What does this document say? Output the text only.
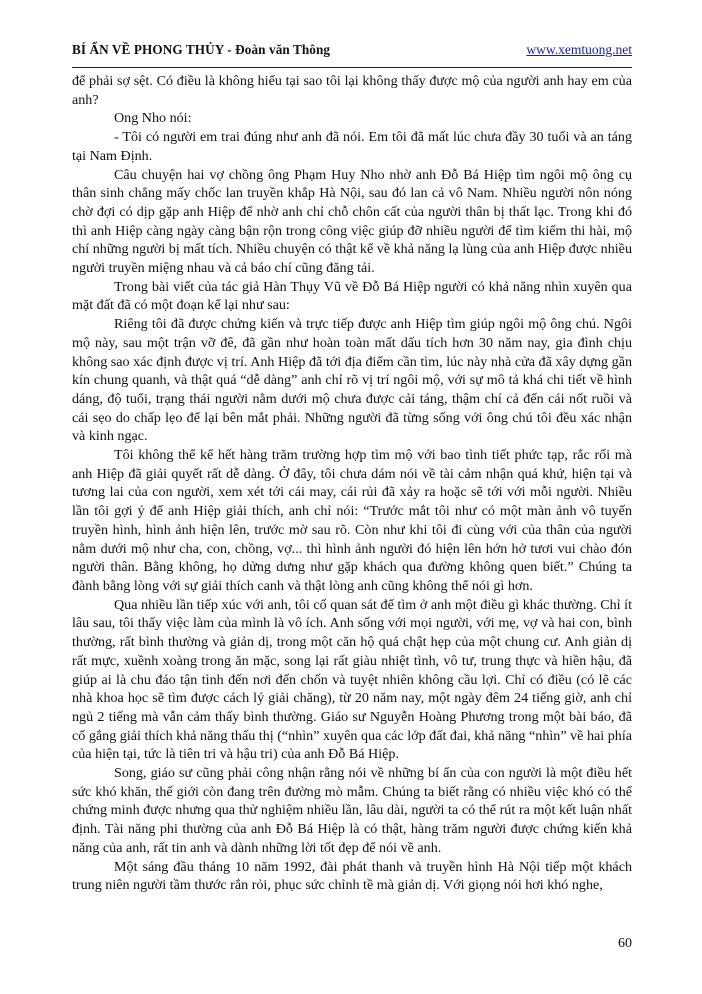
BÍ ẨN VỀ PHONG THỦY - Đoàn văn Thông	www.xemtuong.net

để phải sợ sệt. Có điều là không hiểu tại sao tôi lại không thấy được mộ của người anh hay em của anh?

Ong Nho nói:

- Tôi có người em trai đúng như anh đã nói. Em tôi đã mất lúc chưa đầy 30 tuổi và an táng tại Nam Định.

Câu chuyện hai vợ chồng ông Phạm Huy Nho nhờ anh Đỗ Bá Hiệp tìm ngôi mộ ông cụ thân sinh chẳng mấy chốc lan truyền khắp Hà Nội, sau đó lan cả vô Nam. Nhiều người nôn nóng chờ đợi có dịp gặp anh Hiệp để nhờ anh chỉ chỗ chôn cất của người thân bị thất lạc. Trong khi đó thì anh Hiệp càng ngày càng bận rộn trong công việc giúp đỡ nhiều người để tìm kiếm thi hài, mộ chí những người bị mất tích. Nhiều chuyện có thật kể về khả năng lạ lùng của anh Hiệp được nhiều người truyền miệng nhau và cả báo chí cũng đăng tải.

Trong bài viết của tác giả Hàn Thụy Vũ về Đỗ Bá Hiệp người có khả năng nhìn xuyên qua mặt đất đã có một đoạn kể lại như sau:

Riêng tôi đã được chứng kiến và trực tiếp được anh Hiệp tìm giúp ngôi mộ ông chú. Ngôi mộ này, sau một trận vỡ đê, đã gần như hoàn toàn mất dấu tích hơn 30 năm nay, gia đình chịu không sao xác định được vị trí. Anh Hiệp đã tới địa điểm cần tìm, lúc này nhà cửa đã xây dựng gần kín chung quanh, và thật quá “dễ dàng” anh chỉ rõ vị trí ngôi mộ, với sự mô tả khá chi tiết về hình dáng, độ tuổi, trạng thái người nằm dưới mộ chưa được cải táng, thậm chí cả đến cái nốt ruồi và cái sẹo do chấp lẹo để lại bên mắt phải. Những người đã từng sống với ông chú tôi đều xác nhận và kinh ngạc.

Tôi không thể kể hết hàng trăm trường hợp tìm mộ với bao tình tiết phức tạp, rắc rối mà anh Hiệp đã giải quyết rất dễ dàng. Ở đây, tôi chưa dám nói về tài cảm nhận quá khứ, hiện tại và tương lai của con người, xem xét tới cái may, cái rủi đã xảy ra hoặc sẽ tới với mỗi người. Nhiều lần tôi gợi ý để anh Hiệp giải thích, anh chỉ nói: “Trước mắt tôi như có một màn ảnh vô tuyến truyền hình, hình ảnh hiện lên, trước mờ sau rõ. Còn như khi tôi đi cùng với của thân của người nằm dưới mộ như cha, con, chồng, vợ... thì hình ảnh người đó hiện lên hớn hở tươi vui chào đón người thân. Bằng không, họ dửng dưng như gặp khách qua đường không quen biết.” Chúng ta đành bằng lòng với sự giải thích canh và thật lòng anh cũng không thể nói gì hơn.

Qua nhiều lần tiếp xúc với anh, tôi cố quan sát để tìm ở anh một điều gì khác thường. Chỉ ít lâu sau, tôi thấy việc làm của mình là vô ích. Anh sống với mọi người, với mẹ, vợ và hai con, bình thường, rất bình thường và giản dị, trong một căn hộ quá chật hẹp của một chung cư. Anh giản dị rất mực, xuềnh xoàng trong ăn mặc, song lại rất giàu nhiệt tình, vô tư, trung thực và hiền hậu, đã giúp ai là chu đáo tận tình đến nơi đến chốn và tuyệt nhiên không cầu lợi. Chỉ có điều (có lẽ các nhà khoa học sẽ tìm được cách lý giải chăng), từ 20 năm nay, một ngày đêm 24 tiếng giờ, anh chỉ ngủ 2 tiếng mà vẫn cảm thấy bình thường. Giáo sư Nguyễn Hoàng Phương trong một bài báo, đã cố gắng giải thích khả năng thấu thị (“nhìn” xuyên qua các lớp đất đai, khả năng “nhìn” về hai phía của hiện tại, tức là tiên tri và hậu tri) của anh Đỗ Bá Hiệp.

Song, giáo sư cũng phải công nhận rằng nói về những bí ẩn của con người là một điều hết sức khó khăn, thế giới còn đang trên đường mò mẫm. Chúng ta biết rằng có nhiều việc khó có thể chứng minh được nhưng qua thử nghiệm nhiều lần, lâu dài, người ta có thể rút ra một kết luận nhất định. Tài năng phi thường của anh Đỗ Bá Hiệp là có thật, hàng trăm người được chứng kiến khả năng của anh, rất tin anh và dành những lời tốt đẹp để nói về anh.

Một sáng đầu tháng 10 năm 1992, đài phát thanh và truyền hình Hà Nội tiếp một khách trung niên người tầm thước rắn rỏi, phục sức chỉnh tề mà giản dị. Với giọng nói hơi khó nghe,

60
